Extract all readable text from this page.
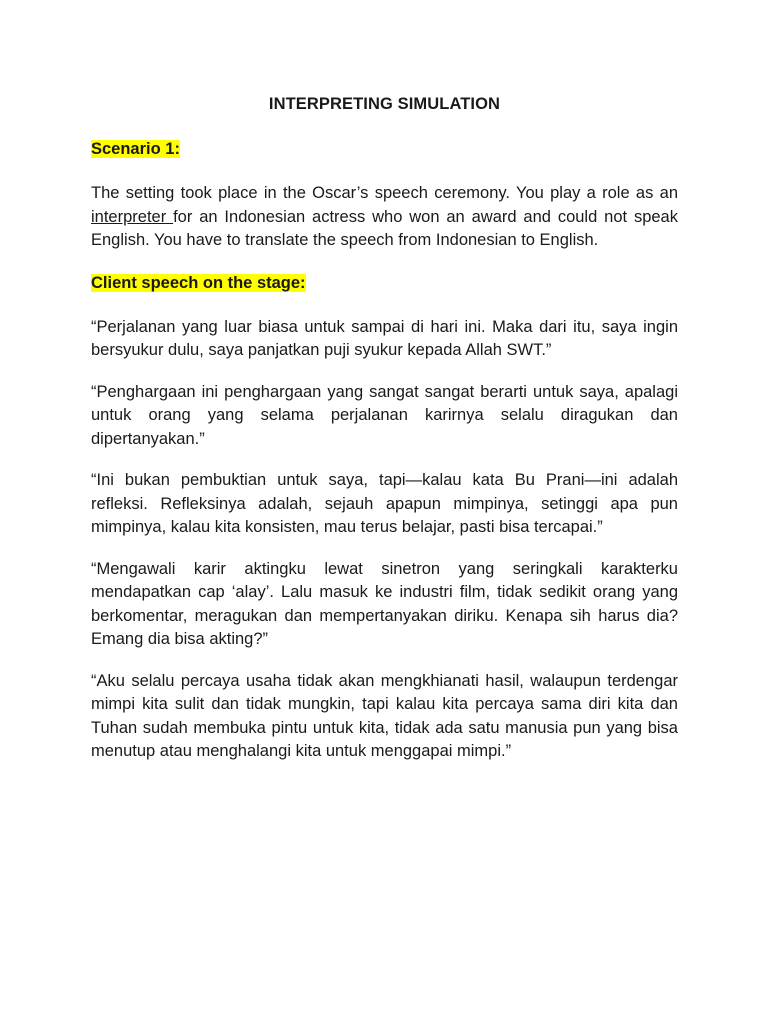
INTERPRETING SIMULATION

Scenario 1:

The setting took place in the Oscar’s speech ceremony. You play a role as an interpreter for an Indonesian actress who won an award and could not speak English. You have to translate the speech from Indonesian to English.

Client speech on the stage:

“Perjalanan yang luar biasa untuk sampai di hari ini. Maka dari itu, saya ingin bersyukur dulu, saya panjatkan puji syukur kepada Allah SWT.”

“Penghargaan ini penghargaan yang sangat sangat berarti untuk saya, apalagi untuk orang yang selama perjalanan karirnya selalu diragukan dan dipertanyakan.”

“Ini bukan pembuktian untuk saya, tapi—kalau kata Bu Prani—ini adalah refleksi. Refleksinya adalah, sejauh apapun mimpinya, setinggi apa pun mimpinya, kalau kita konsisten, mau terus belajar, pasti bisa tercapai.”

“Mengawali karir aktingku lewat sinetron yang seringkali karakterku mendapatkan cap ‘alay’. Lalu masuk ke industri film, tidak sedikit orang yang berkomentar, meragukan dan mempertanyakan diriku. Kenapa sih harus dia? Emang dia bisa akting?”

“Aku selalu percaya usaha tidak akan mengkhianati hasil, walaupun terdengar mimpi kita sulit dan tidak mungkin, tapi kalau kita percaya sama diri kita dan Tuhan sudah membuka pintu untuk kita, tidak ada satu manusia pun yang bisa menutup atau menghalangi kita untuk menggapai mimpi.”
